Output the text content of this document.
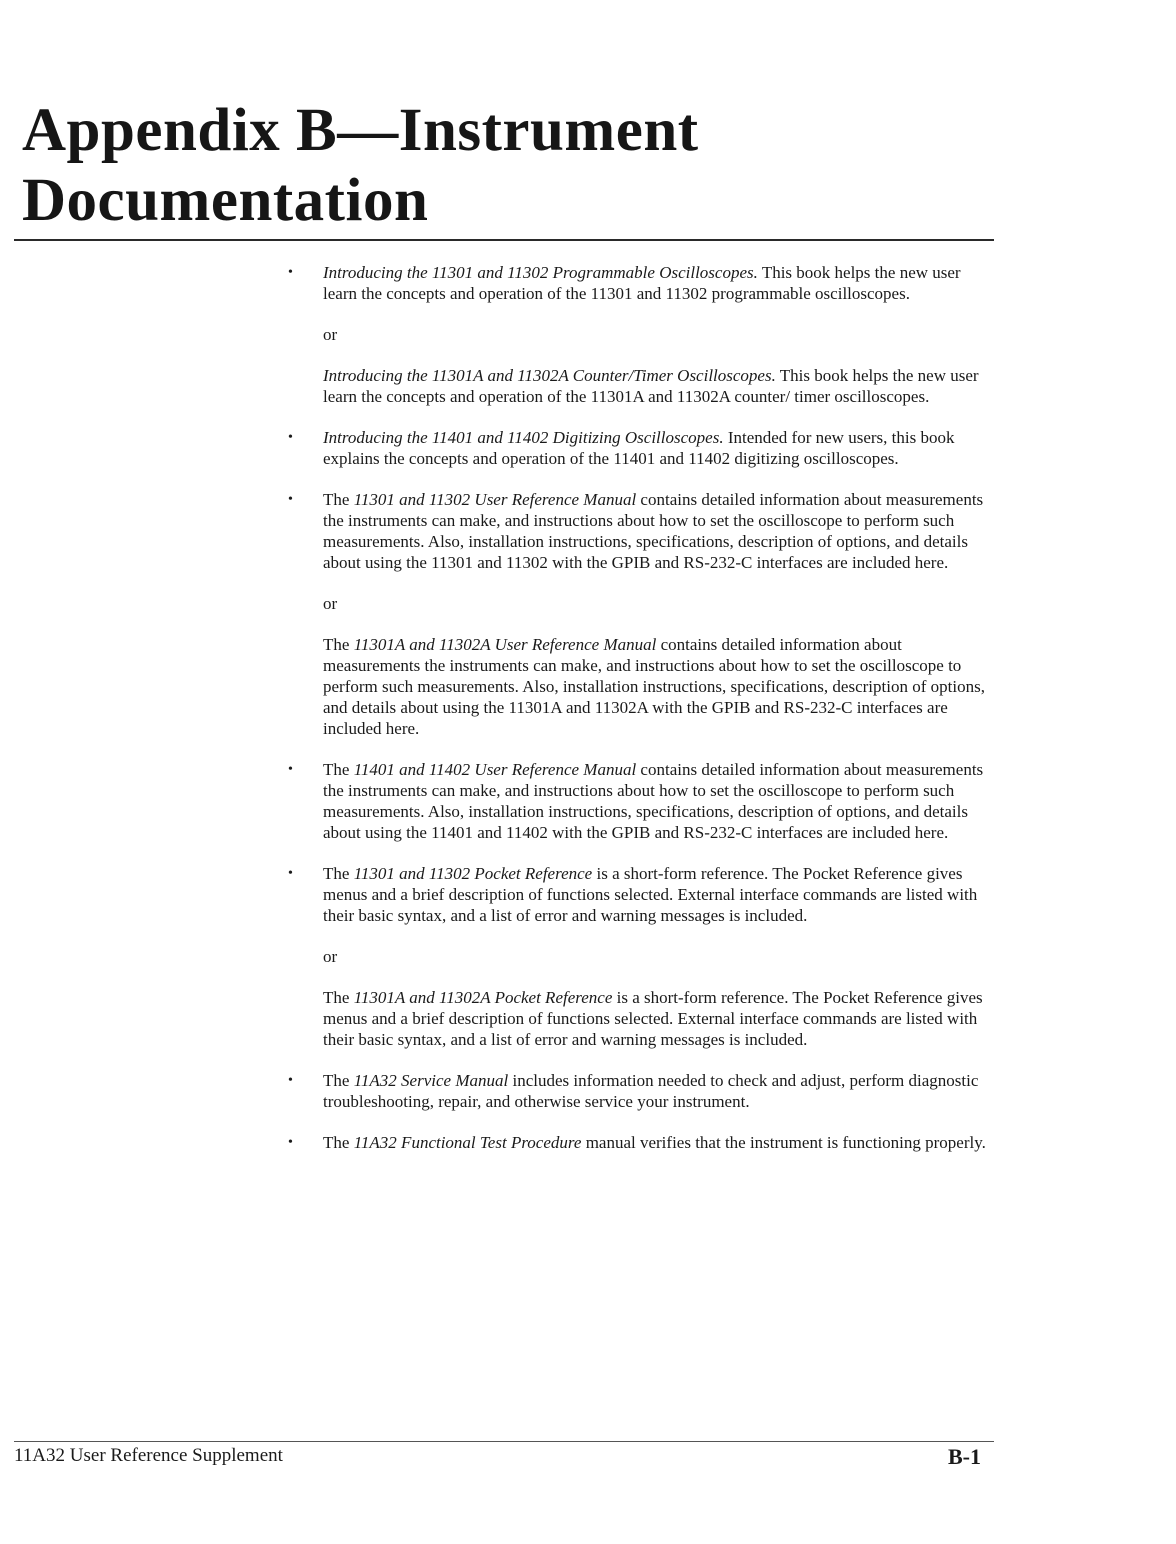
Appendix B—Instrument
Documentation
• Introducing the 11301 and 11302 Programmable Oscilloscopes. This book helps the new user learn the concepts and operation of the 11301 and 11302 programmable oscilloscopes.

or

Introducing the 11301A and 11302A Counter/Timer Oscilloscopes. This book helps the new user learn the concepts and operation of the 11301A and 11302A counter/ timer oscilloscopes.

• Introducing the 11401 and 11402 Digitizing Oscilloscopes. Intended for new users, this book explains the concepts and operation of the 11401 and 11402 digitizing oscilloscopes.

• The 11301 and 11302 User Reference Manual contains detailed information about measurements the instruments can make, and instructions about how to set the oscilloscope to perform such measurements. Also, installation instructions, specifications, description of options, and details about using the 11301 and 11302 with the GPIB and RS-232-C interfaces are included here.

or

The 11301A and 11302A User Reference Manual contains detailed information about measurements the instruments can make, and instructions about how to set the oscilloscope to perform such measurements. Also, installation instructions, specifications, description of options, and details about using the 11301A and 11302A with the GPIB and RS-232-C interfaces are included here.

• The 11401 and 11402 User Reference Manual contains detailed information about measurements the instruments can make, and instructions about how to set the oscilloscope to perform such measurements. Also, installation instructions, specifications, description of options, and details about using the 11401 and 11402 with the GPIB and RS-232-C interfaces are included here.

• The 11301 and 11302 Pocket Reference is a short-form reference. The Pocket Reference gives menus and a brief description of functions selected. External interface commands are listed with their basic syntax, and a list of error and warning messages is included.

or

The 11301A and 11302A Pocket Reference is a short-form reference. The Pocket Reference gives menus and a brief description of functions selected. External interface commands are listed with their basic syntax, and a list of error and warning messages is included.

• The 11A32 Service Manual includes information needed to check and adjust, perform diagnostic troubleshooting, repair, and otherwise service your instrument.

• The 11A32 Functional Test Procedure manual verifies that the instrument is functioning properly.

11A32 User Reference Supplement	B-1
